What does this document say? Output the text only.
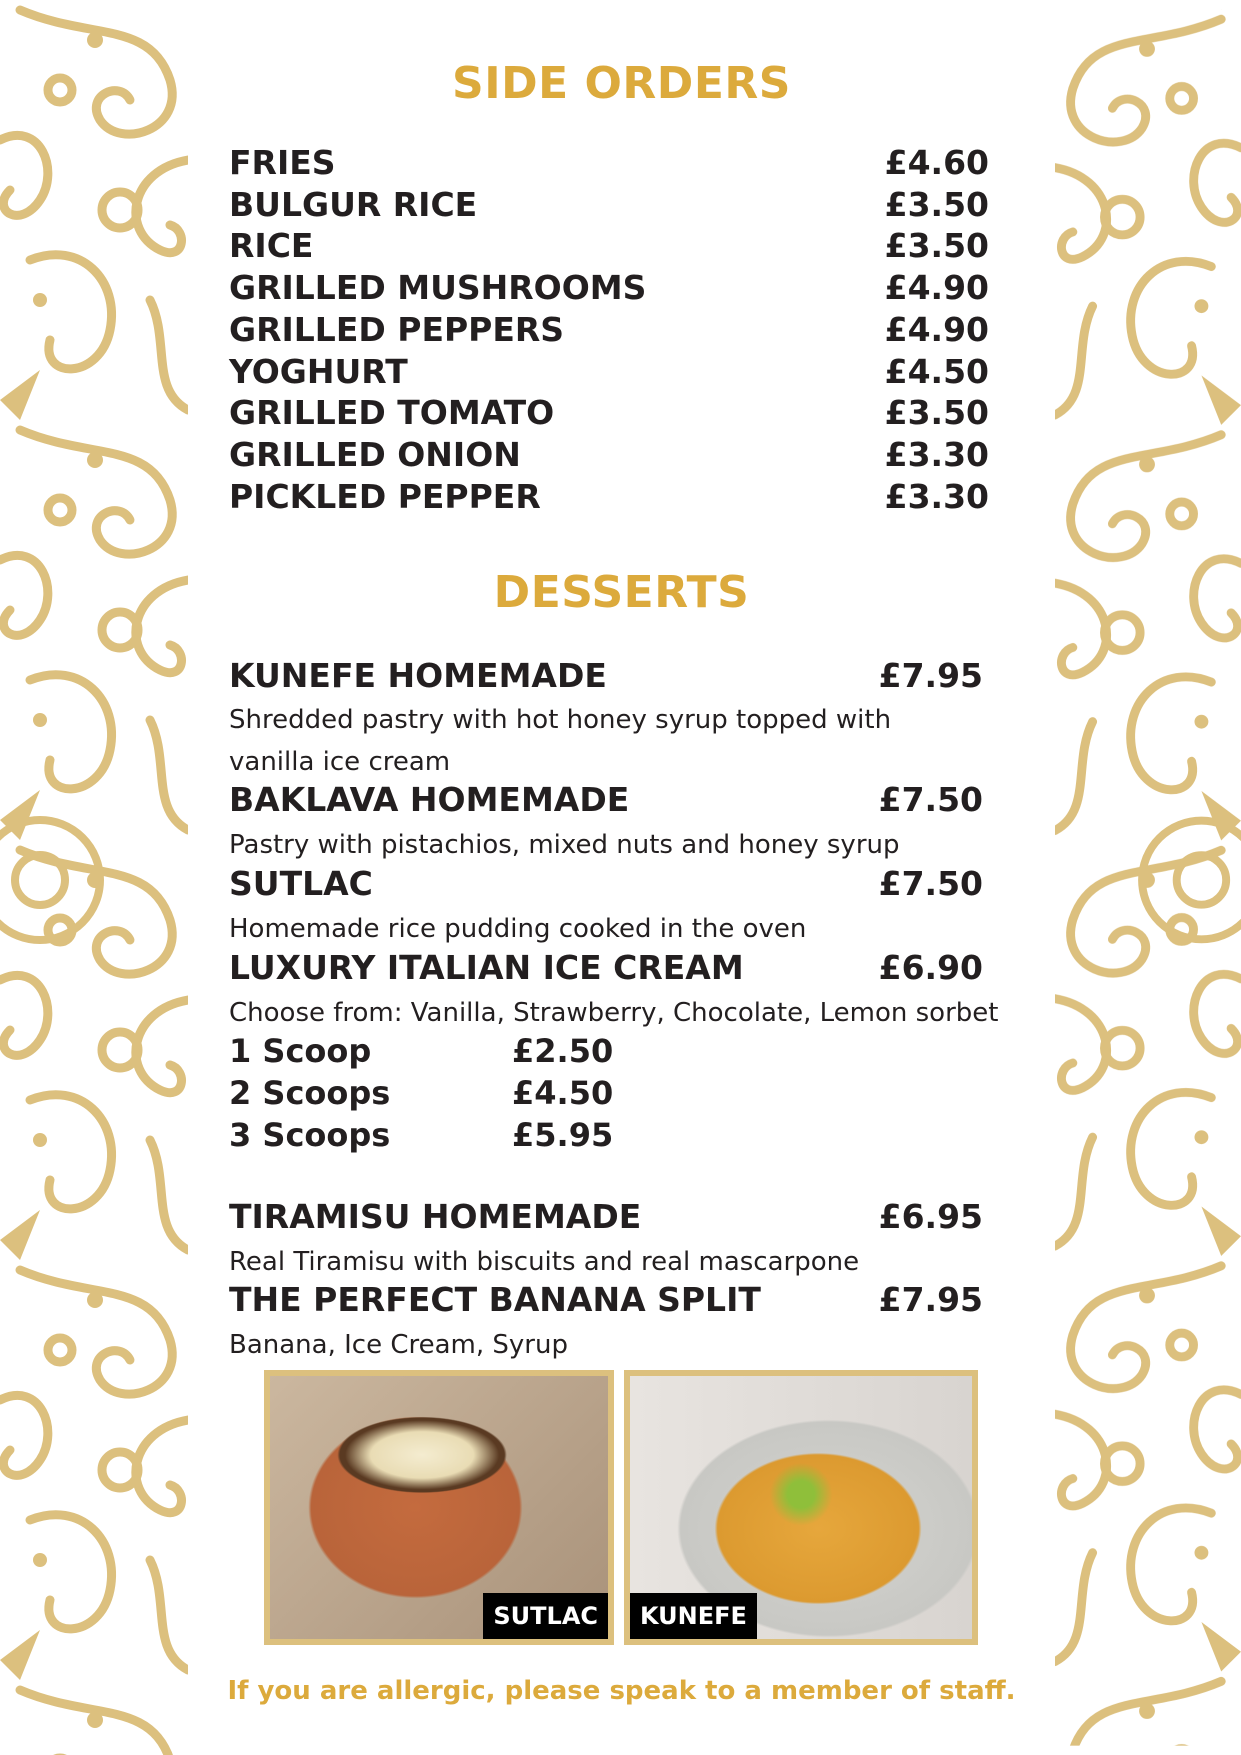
SIDE ORDERS
FRIES	£4.60
BULGUR RICE	£3.50
RICE	£3.50
GRILLED MUSHROOMS	£4.90
GRILLED PEPPERS	£4.90
YOGHURT	£4.50
GRILLED TOMATO	£3.50
GRILLED ONION	£3.30
PICKLED PEPPER	£3.30
DESSERTS
KUNEFE HOMEMADE	£7.95
Shredded pastry with hot honey syrup topped with
vanilla ice cream
BAKLAVA HOMEMADE	£7.50
Pastry with pistachios, mixed nuts and honey syrup
SUTLAC	£7.50
Homemade rice pudding cooked in the oven
LUXURY ITALIAN ICE CREAM	£6.90
Choose from: Vanilla, Strawberry, Chocolate, Lemon sorbet
TIRAMISU HOMEMADE	£6.95
Real Tiramisu with biscuits and real mascarpone
THE PERFECT BANANA SPLIT	£7.95
Banana, Ice Cream, Syrup
1 Scoop	£2.50
2 Scoops	£4.50
3 Scoops	£5.95
SUTLAC	KUNEFE
If you are allergic, please speak to a member of staff.
